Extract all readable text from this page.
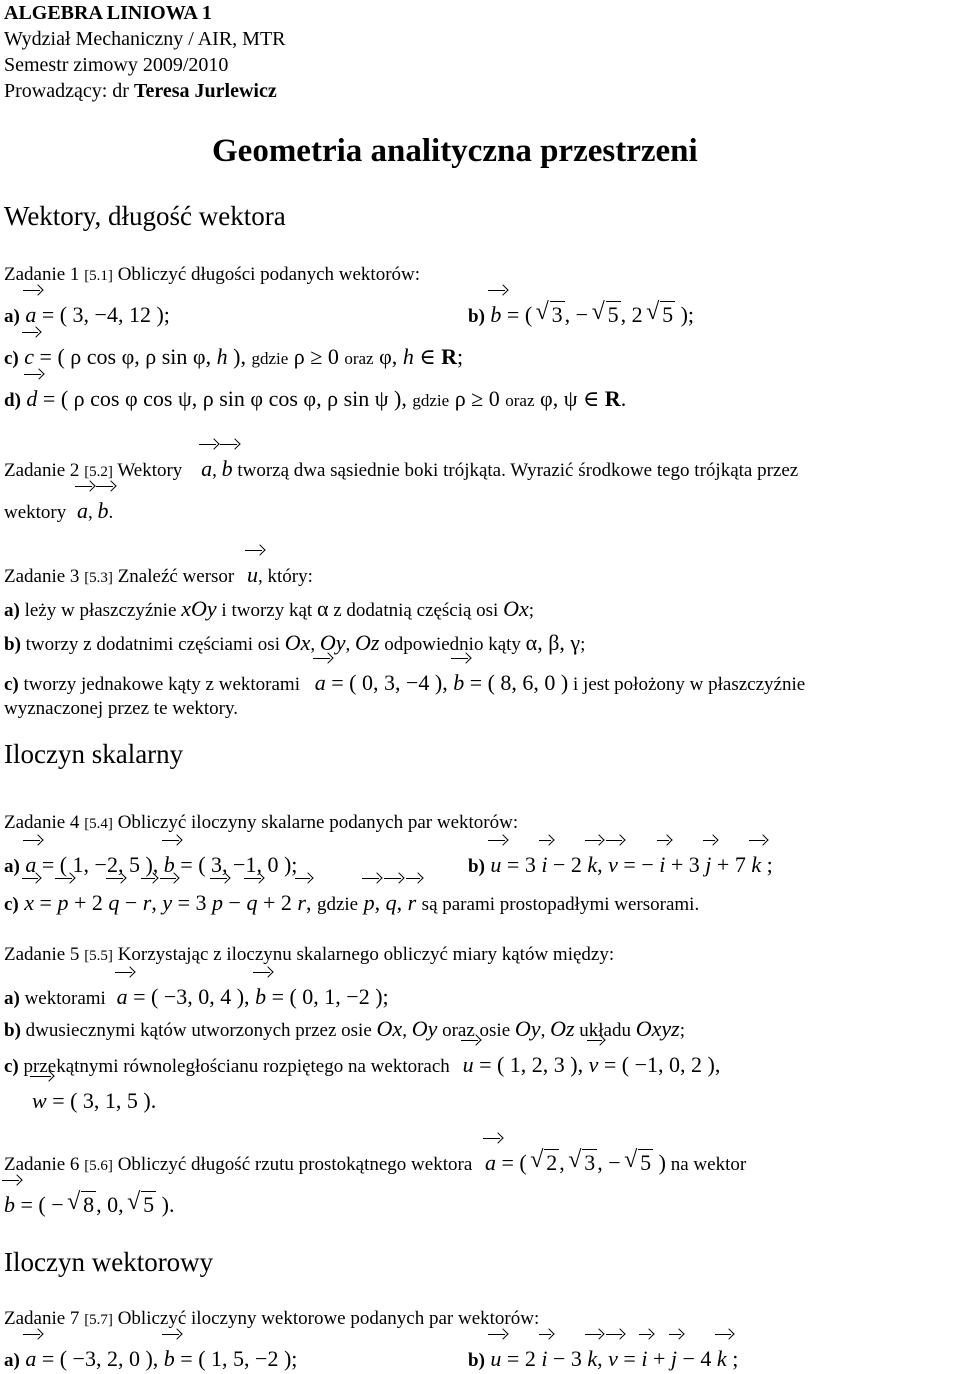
ALGEBRA LINIOWA 1
Wydział Mechaniczny / AIR, MTR
Semestr zimowy 2009/2010
Prowadzący: dr Teresa Jurlewicz
Geometria analityczna przestrzeni
Wektory, długość wektora
Zadanie 1 [5.1] Obliczyć długości podanych wektorów:
a) a = ( 3, −4, 12 );	b) b = ( √ 3, − √ 5, 2 √ 5 );
c) c = ( ρ cos φ, ρ sin φ, h ), gdzie ρ ≥ 0 oraz φ, h ∈ R;
d) d = ( ρ cos φ cos ψ, ρ sin φ cos φ, ρ sin ψ ), gdzie ρ ≥ 0 oraz φ, ψ ∈ R.
Zadanie 2 [5.2] Wektory a, b tworzą dwa sąsiednie boki trójkąta. Wyrazić środkowe tego trójkąta przez
wektory a, b.
Zadanie 3 [5.3] Znaleźć wersor u, który:
a) leży w płaszczyźnie xOy i tworzy kąt α z dodatnią częścią osi Ox;
b) tworzy z dodatnimi częściami osi Ox, Oy, Oz odpowiednio kąty α, β, γ;
c) tworzy jednakowe kąty z wektorami a = ( 0, 3, −4 ), b = ( 8, 6, 0 ) i jest położony w płaszczyźnie
wyznaczonej przez te wektory.
Iloczyn skalarny
Zadanie 4 [5.4] Obliczyć iloczyny skalarne podanych par wektorów:
a) a = ( 1, −2, 5 ), b = ( 3, −1, 0 );	b) u = 3 i − 2 k, v = − i + 3 j + 7 k ;
c) x = p + 2 q − r, y = 3 p − q + 2 r, gdzie p, q, r są parami prostopadłymi wersorami.
Zadanie 5 [5.5] Korzystając z iloczynu skalarnego obliczyć miary kątów między:
a) wektorami a = ( −3, 0, 4 ), b = ( 0, 1, −2 );
b) dwusiecznymi kątów utworzonych przez osie Ox, Oy oraz osie Oy, Oz układu Oxyz;
c) przekątnymi równoległościanu rozpiętego na wektorach u = ( 1, 2, 3 ), v = ( −1, 0, 2 ),
w = ( 3, 1, 5 ).
Zadanie 6 [5.6] Obliczyć długość rzutu prostokątnego wektora a = ( √ 2, √ 3, − √ 5 ) na wektor
b = ( − √ 8, 0, √ 5 ).
Iloczyn wektorowy
Zadanie 7 [5.7] Obliczyć iloczyny wektorowe podanych par wektorów:
a) a = ( −3, 2, 0 ), b = ( 1, 5, −2 );	b) u = 2 i − 3 k, v = i + j − 4 k ;
